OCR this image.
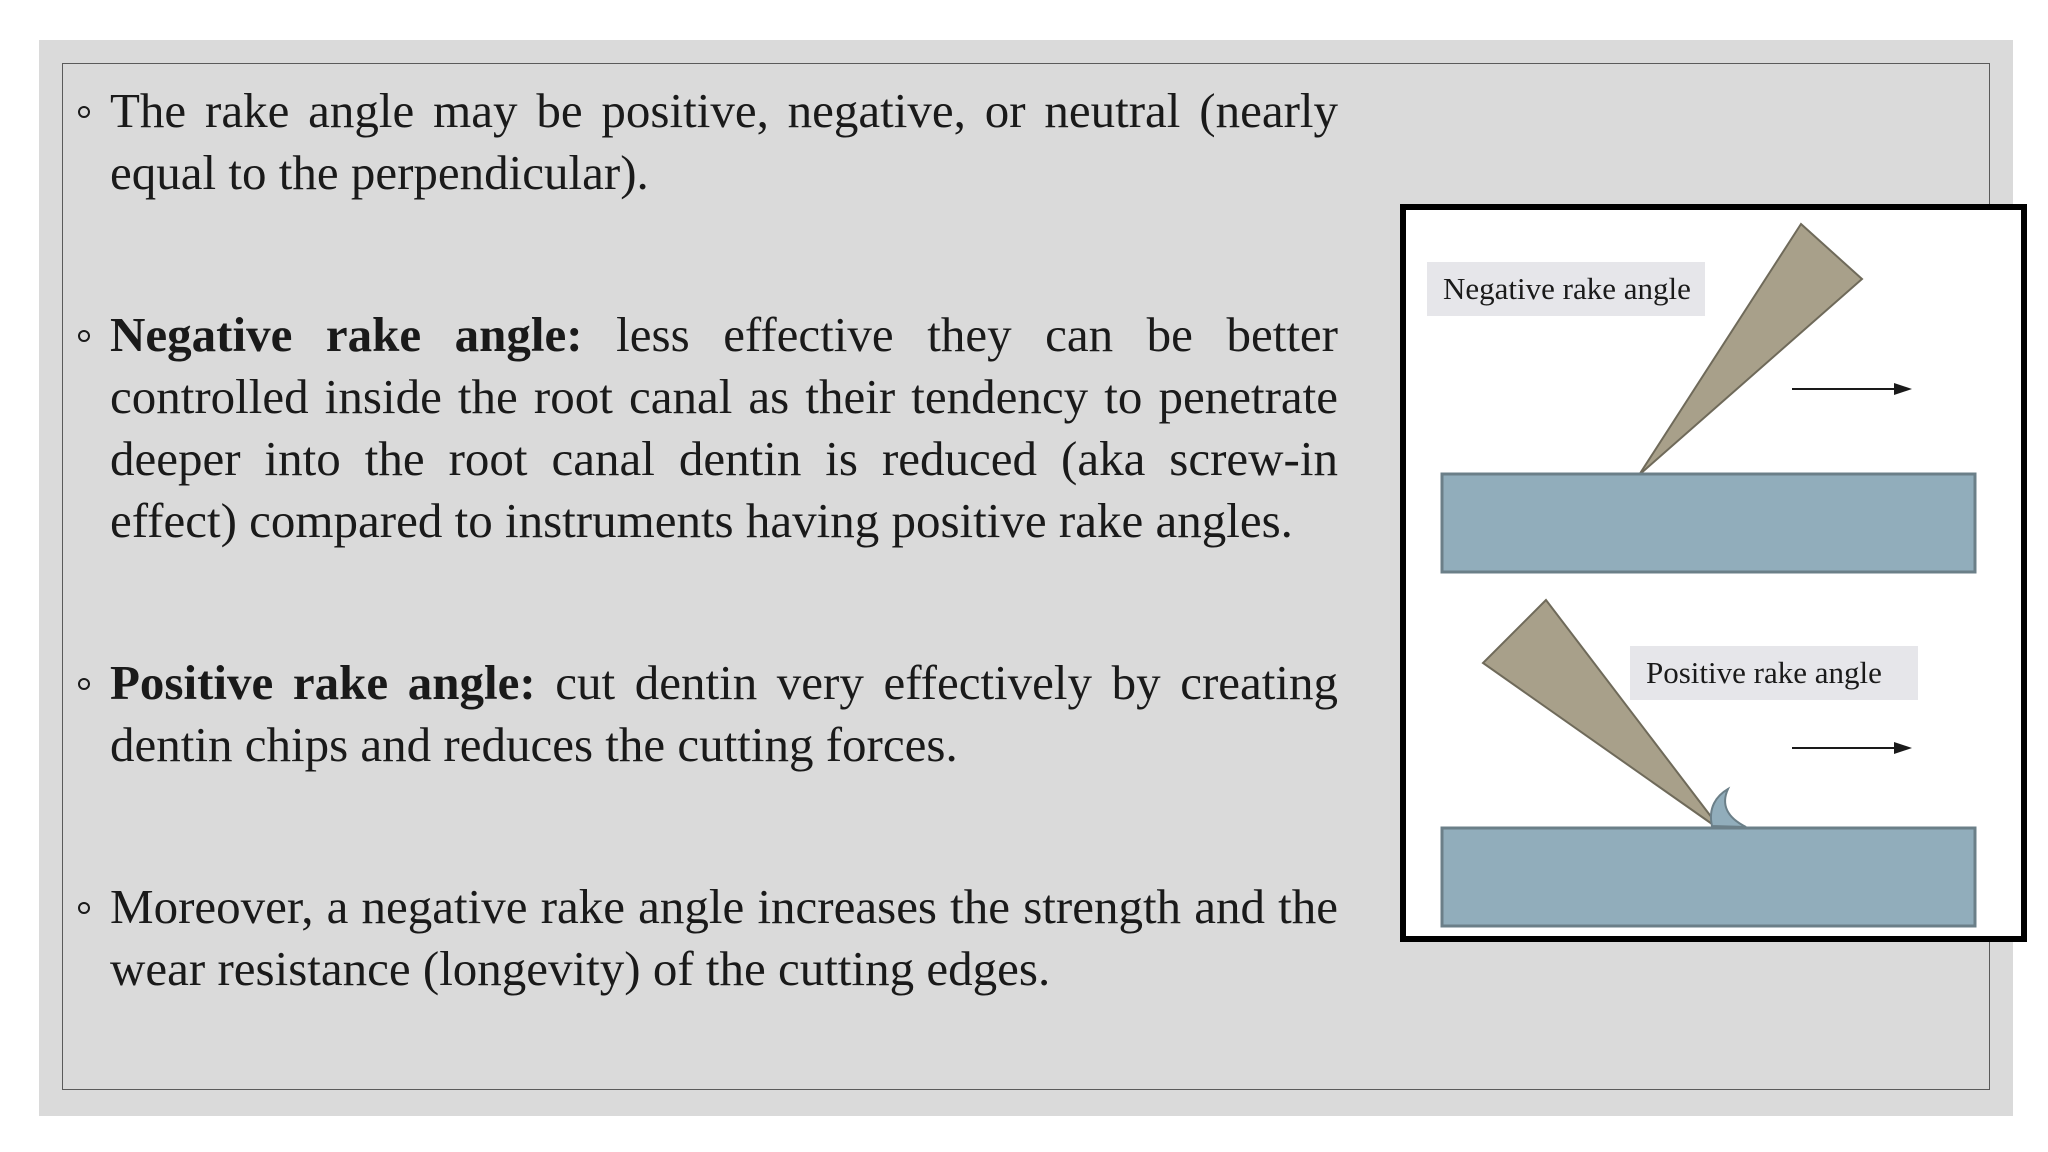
The rake angle may be positive, negative, or neutral (nearly equal to the perpendicular).

Negative rake angle: less effective they can be better controlled inside the root canal as their tendency to penetrate deeper into the root canal dentin is reduced (aka screw-in effect) compared to instruments having positive rake angles.

Positive rake angle: cut dentin very effectively by creating dentin chips and reduces the cutting forces.

Moreover, a negative rake angle increases the strength and the wear resistance (longevity) of the cutting edges.

Negative rake angle
Positive rake angle
